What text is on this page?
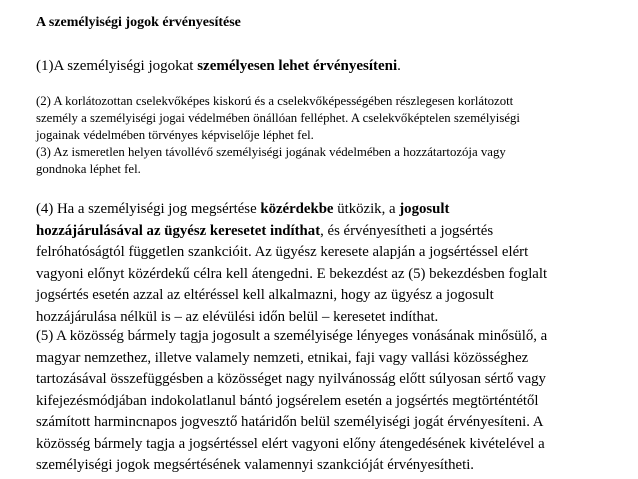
A személyiségi jogok érvényesítése
(1)A személyiségi jogokat személyesen lehet érvényesíteni.
(2) A korlátozottan cselekvőképes kiskorú és a cselekvőképességében részlegesen korlátozott
személy a személyiségi jogai védelmében önállóan felléphet. A cselekvőképtelen személyiségi
jogainak védelmében törvényes képviselője léphet fel.
(3) Az ismeretlen helyen távollévő személyiségi jogának védelmében a hozzátartozója vagy
gondnoka léphet fel.
(4) Ha a személyiségi jog megsértése közérdekbe ütközik, a jogosult
hozzájárulásával az ügyész keresetet indíthat, és érvényesítheti a jogsértés
felróhatóságtól független szankcióit. Az ügyész keresete alapján a jogsértéssel elért
vagyoni előnyt közérdekű célra kell átengedni. E bekezdést az (5) bekezdésben foglalt
jogsértés esetén azzal az eltéréssel kell alkalmazni, hogy az ügyész a jogosult
hozzájárulása nélkül is – az elévülési időn belül – keresetet indíthat.
(5) A közösség bármely tagja jogosult a személyisége lényeges vonásának minősülő, a
magyar nemzethez, illetve valamely nemzeti, etnikai, faji vagy vallási közösséghez
tartozásával összefüggésben a közösséget nagy nyilvánosság előtt súlyosan sértő vagy
kifejezésmódjában indokolatlanul bántó jogsérelem esetén a jogsértés megtörténtétől
számított harmincnapos jogvesztő határidőn belül személyiségi jogát érvényesíteni. A
közösség bármely tagja a jogsértéssel elért vagyoni előny átengedésének kivételével a
személyiségi jogok megsértésének valamennyi szankcióját érvényesítheti.
